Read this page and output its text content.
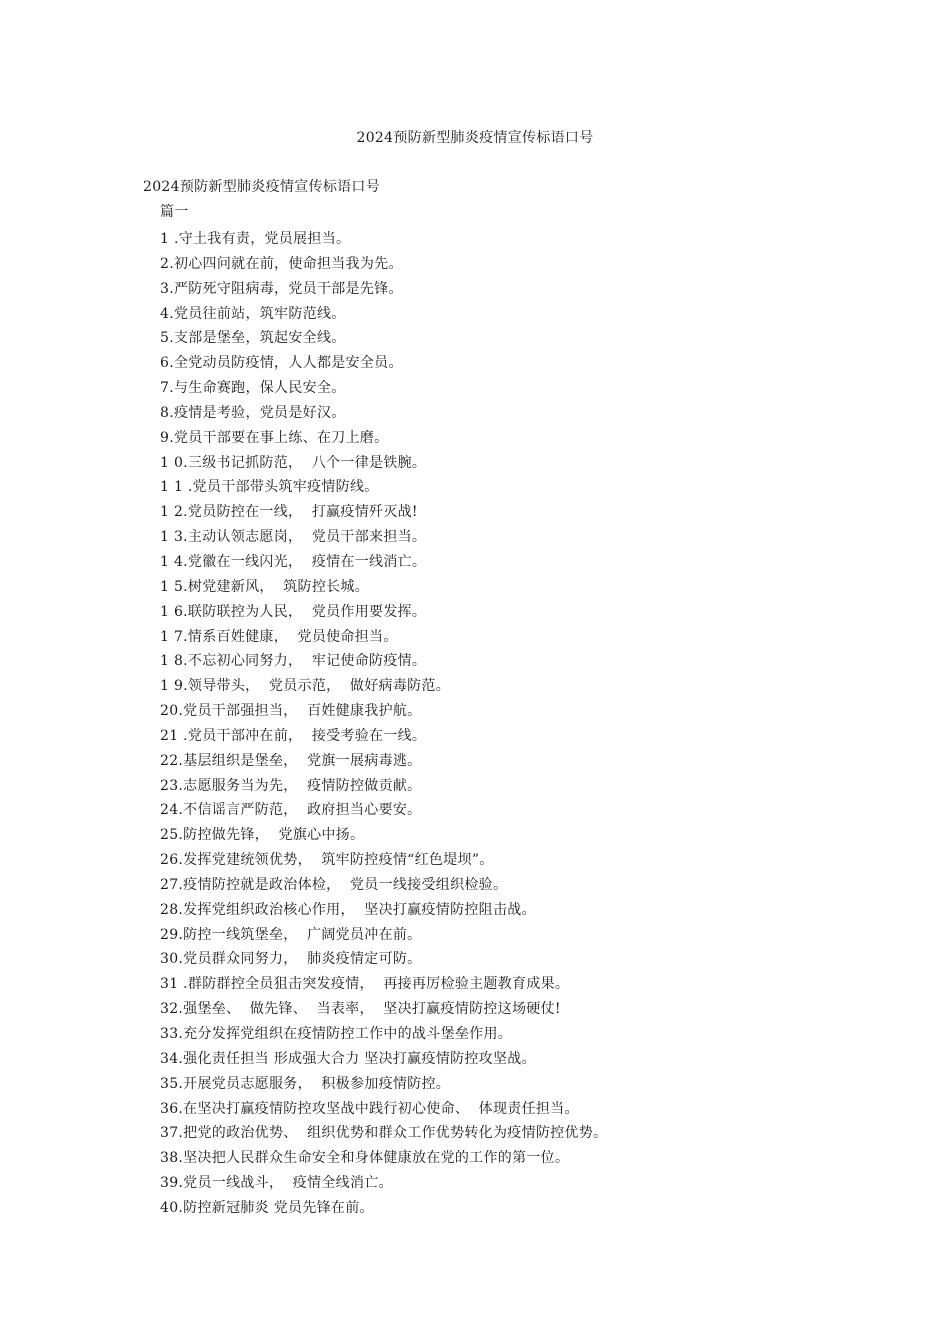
2024预防新型肺炎疫情宣传标语口号
2024预防新型肺炎疫情宣传标语口号
篇一
1 .守土我有责，党员展担当。
2.初心四问就在前，使命担当我为先。
3.严防死守阻病毒，党员干部是先锋。
4.党员往前站，筑牢防范线。
5.支部是堡垒，筑起安全线。
6.全党动员防疫情，人人都是安全员。
7.与生命赛跑，保人民安全。
8.疫情是考验，党员是好汉。
9.党员干部要在事上练、在刀上磨。
1 0.三级书记抓防范，  八个一律是铁腕。
1 1 .党员干部带头筑牢疫情防线。
1 2.党员防控在一线，  打赢疫情歼灭战!
1 3.主动认领志愿岗，  党员干部来担当。
1 4.党徽在一线闪光，  疫情在一线消亡。
1 5.树党建新风，  筑防控长城。
1 6.联防联控为人民，  党员作用要发挥。
1 7.情系百姓健康，  党员使命担当。
1 8.不忘初心同努力，  牢记使命防疫情。
1 9.领导带头，  党员示范，  做好病毒防范。
20.党员干部强担当，  百姓健康我护航。
21 .党员干部冲在前，  接受考验在一线。
22.基层组织是堡垒，  党旗一展病毒逃。
23.志愿服务当为先，  疫情防控做贡献。
24.不信谣言严防范，  政府担当心要安。
25.防控做先锋，  党旗心中扬。
26.发挥党建统领优势，  筑牢防控疫情“红色堤坝”。
27.疫情防控就是政治体检，  党员一线接受组织检验。
28.发挥党组织政治核心作用，  坚决打赢疫情防控阻击战。
29.防控一线筑堡垒，  广阔党员冲在前。
30.党员群众同努力，  肺炎疫情定可防。
31 .群防群控全员狙击突发疫情，  再接再厉检验主题教育成果。
32.强堡垒、  做先锋、  当表率，  坚决打赢疫情防控这场硬仗!
33.充分发挥党组织在疫情防控工作中的战斗堡垒作用。
34.强化责任担当 形成强大合力 坚决打赢疫情防控攻坚战。
35.开展党员志愿服务，  积极参加疫情防控。
36.在坚决打赢疫情防控攻坚战中践行初心使命、  体现责任担当。
37.把党的政治优势、  组织优势和群众工作优势转化为疫情防控优势。
38.坚决把人民群众生命安全和身体健康放在党的工作的第一位。
39.党员一线战斗，  疫情全线消亡。
40.防控新冠肺炎 党员先锋在前。
